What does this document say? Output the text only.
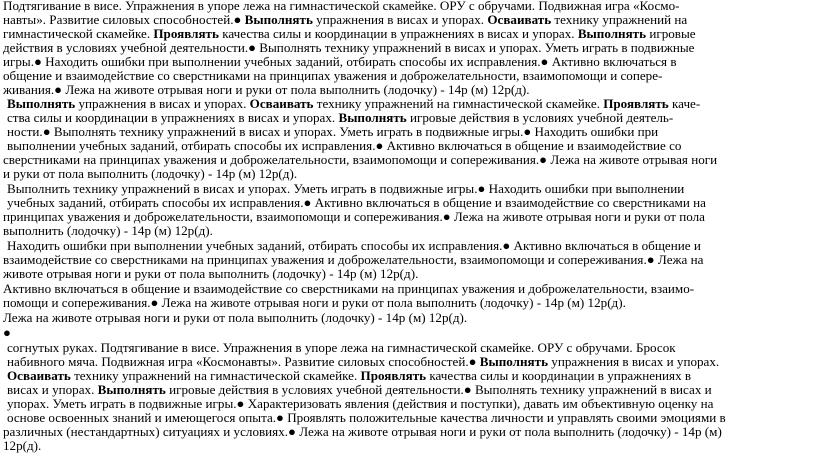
Подтягивание в висе. Упражнения в упоре лежа на гимнастической скамейке. ОРУ с обручами. Подвижная игра «Космо-
навты». Развитие силовых способностей.● Выполнять упражнения в висах и упорах. Осваивать технику упражнений на
гимнастической скамейке. Проявлять качества силы и координации в упражнениях в висах и упорах. Выполнять игровые
действия в условиях учебной деятельности.● Выполнять технику упражнений в висах и упорах. Уметь играть в подвижные
игры.● Находить ошибки при выполнении учебных заданий, отбирать способы их исправления.● Активно включаться в
общение и взаимодействие со сверстниками на принципах уважения и доброжелательности, взаимопомощи и сопере-
живания.● Лежа на животе отрывая ноги и руки от пола выполнить (лодочку) - 14р (м) 12р(д).
Выполнять упражнения в висах и упорах. Осваивать технику упражнений на гимнастической скамейке. Проявлять каче-
ства силы и координации в упражнениях в висах и упорах. Выполнять игровые действия в условиях учебной деятель-
ности.● Выполнять технику упражнений в висах и упорах. Уметь играть в подвижные игры.● Находить ошибки при
выполнении учебных заданий, отбирать способы их исправления.● Активно включаться в общение и взаимодействие со
сверстниками на принципах уважения и доброжелательности, взаимопомощи и сопереживания.● Лежа на животе отрывая ноги
и руки от пола выполнить (лодочку) - 14р (м) 12р(д).
Выполнить технику упражнений в висах и упорах. Уметь играть в подвижные игры.● Находить ошибки при выполнении
учебных заданий, отбирать способы их исправления.● Активно включаться в общение и взаимодействие со сверстниками на
принципах уважения и доброжелательности, взаимопомощи и сопереживания.● Лежа на животе отрывая ноги и руки от пола
выполнить (лодочку) - 14р (м) 12р(д).
Находить ошибки при выполнении учебных заданий, отбирать способы их исправления.● Активно включаться в общение и
взаимодействие со сверстниками на принципах уважения и доброжелательности, взаимопомощи и сопереживания.● Лежа на
животе отрывая ноги и руки от пола выполнить (лодочку) - 14р (м) 12р(д).
Активно включаться в общение и взаимодействие со сверстниками на принципах уважения и доброжелательности, взаимо-
помощи и сопереживания.● Лежа на животе отрывая ноги и руки от пола выполнить (лодочку) - 14р (м) 12р(д).
Лежа на животе отрывая ноги и руки от пола выполнить (лодочку) - 14р (м) 12р(д).
●
согнутых руках. Подтягивание в висе. Упражнения в упоре лежа на гимнастической скамейке. ОРУ с обручами. Бросок
набивного мяча. Подвижная игра «Космонавты». Развитие силовых способностей.● Выполнять упражнения в висах и упорах.
Осваивать технику упражнений на гимнастической скамейке. Проявлять качества силы и координации в упражнениях в
висах и упорах. Выполнять игровые действия в условиях учебной деятельности.● Выполнять технику упражнений в висах и
упорах. Уметь играть в подвижные игры.● Характеризовать явления (действия и поступки), давать им объективную оценку на
основе освоенных знаний и имеющегося опыта.● Проявлять положительные качества личности и управлять своими эмоциями в
различных (нестандартных) ситуациях и условиях.● Лежа на животе отрывая ноги и руки от пола выполнить (лодочку) - 14р (м)
12р(д).
